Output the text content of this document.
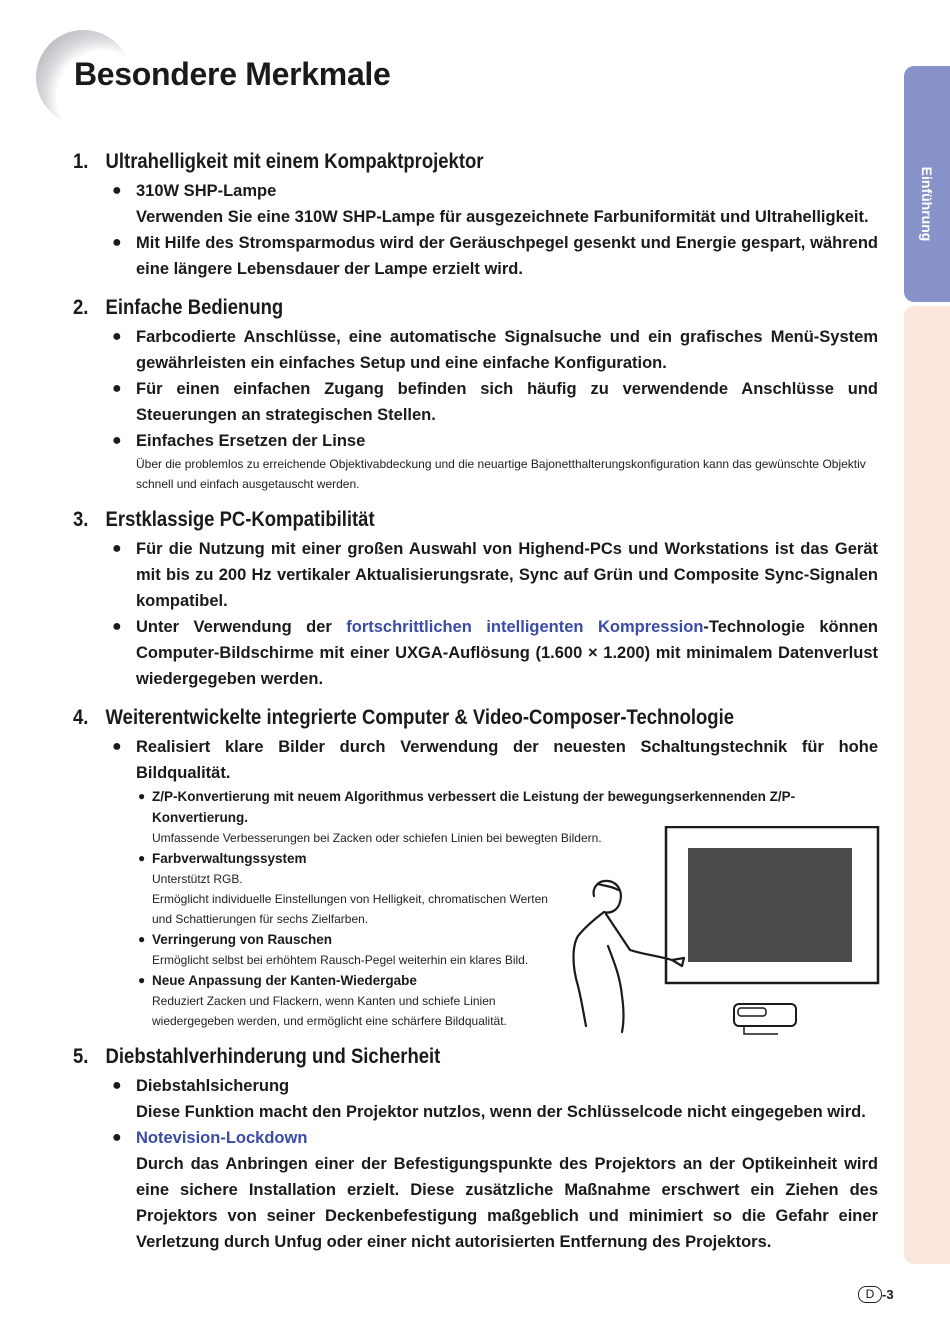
Besondere Merkmale
Einführung
1. Ultrahelligkeit mit einem Kompaktprojektor
● 310W SHP-Lampe
Verwenden Sie eine 310W SHP-Lampe für ausgezeichnete Farbuniformität und Ultrahelligkeit.
● Mit Hilfe des Stromsparmodus wird der Geräuschpegel gesenkt und Energie gespart, während eine längere Lebensdauer der Lampe erzielt wird.
2. Einfache Bedienung
● Farbcodierte Anschlüsse, eine automatische Signalsuche und ein grafisches Menü-System gewährleisten ein einfaches Setup und eine einfache Konfiguration.
● Für einen einfachen Zugang befinden sich häufig zu verwendende Anschlüsse und Steuerungen an strategischen Stellen.
● Einfaches Ersetzen der Linse
Über die problemlos zu erreichende Objektivabdeckung und die neuartige Bajonetthalterungskonfiguration kann das gewünschte Objektiv schnell und einfach ausgetauscht werden.
3. Erstklassige PC-Kompatibilität
● Für die Nutzung mit einer großen Auswahl von Highend-PCs und Workstations ist das Gerät mit bis zu 200 Hz vertikaler Aktualisierungsrate, Sync auf Grün und Composite Sync-Signalen kompatibel.
● Unter Verwendung der fortschrittlichen intelligenten Kompression-Technologie können Computer-Bildschirme mit einer UXGA-Auflösung (1.600 × 1.200) mit minimalem Datenverlust wiedergegeben werden.
4. Weiterentwickelte integrierte Computer & Video-Composer-Technologie
● Realisiert klare Bilder durch Verwendung der neuesten Schaltungstechnik für hohe Bildqualität.
● Z/P-Konvertierung mit neuem Algorithmus verbessert die Leistung der bewegungserkennenden Z/P-Konvertierung.
Umfassende Verbesserungen bei Zacken oder schiefen Linien bei bewegten Bildern.
● Farbverwaltungssystem
Unterstützt RGB.
Ermöglicht individuelle Einstellungen von Helligkeit, chromatischen Werten und Schattierungen für sechs Zielfarben.
● Verringerung von Rauschen
Ermöglicht selbst bei erhöhtem Rausch-Pegel weiterhin ein klares Bild.
● Neue Anpassung der Kanten-Wiedergabe
Reduziert Zacken und Flackern, wenn Kanten und schiefe Linien wiedergegeben werden, und ermöglicht eine schärfere Bildqualität.
5. Diebstahlverhinderung und Sicherheit
● Diebstahlsicherung
Diese Funktion macht den Projektor nutzlos, wenn der Schlüsselcode nicht eingegeben wird.
● Notevision-Lockdown
Durch das Anbringen einer der Befestigungspunkte des Projektors an der Optikeinheit wird eine sichere Installation erzielt. Diese zusätzliche Maßnahme erschwert ein Ziehen des Projektors von seiner Deckenbefestigung maßgeblich und minimiert so die Gefahr einer Verletzung durch Unfug oder einer nicht autorisierten Entfernung des Projektors.
D -3
